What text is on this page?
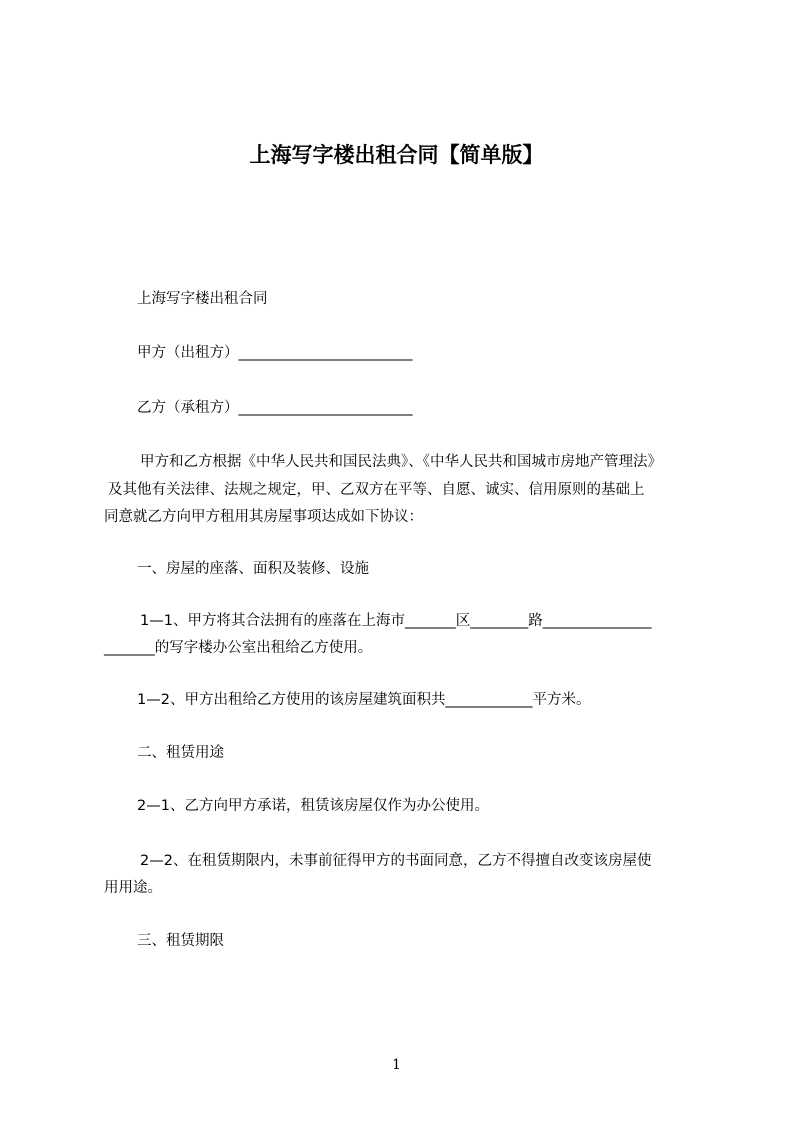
上海写字楼出租合同【简单版】
上海写字楼出租合同
甲方（出租方）________________________
乙方（承租方）________________________
甲方和乙方根据《中华人民共和国民法典》、《中华人民共和国城市房地产管理法》
及其他有关法律、法规之规定，甲、乙双方在平等、自愿、诚实、信用原则的基础上
同意就乙方向甲方租用其房屋事项达成如下协议：
一、房屋的座落、面积及装修、设施
1—1、甲方将其合法拥有的座落在上海市_______区________路_______________
_______的写字楼办公室出租给乙方使用。
1—2、甲方出租给乙方使用的该房屋建筑面积共____________平方米。
二、租赁用途
2—1、乙方向甲方承诺，租赁该房屋仅作为办公使用。
2—2、在租赁期限内，未事前征得甲方的书面同意，乙方不得擅自改变该房屋使
用用途。
三、租赁期限
1
